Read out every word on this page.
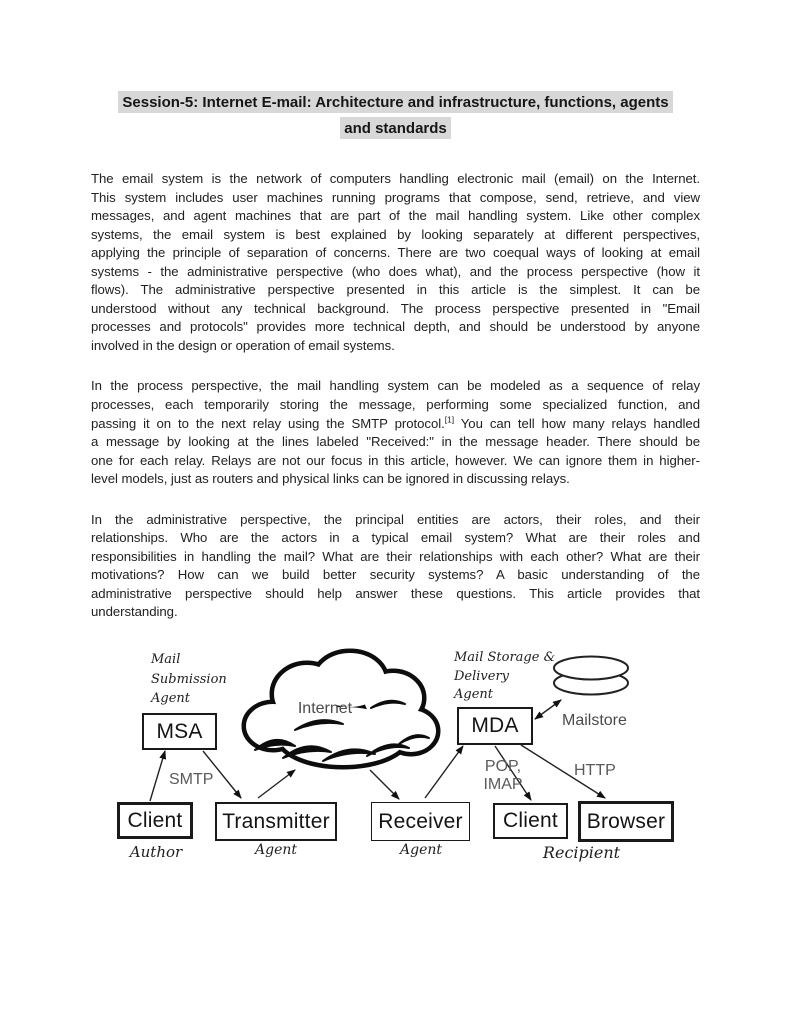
Session-5: Internet E-mail: Architecture and infrastructure, functions, agents
and standards
The email system is the network of computers handling electronic mail (email) on the Internet.
This system includes user machines running programs that compose, send, retrieve, and view
messages, and agent machines that are part of the mail handling system. Like other complex
systems, the email system is best explained by looking separately at different perspectives,
applying the principle of separation of concerns. There are two coequal ways of looking at email
systems - the administrative perspective (who does what), and the process perspective (how it
flows). The administrative perspective presented in this article is the simplest. It can be
understood without any technical background. The process perspective presented in "Email
processes and protocols" provides more technical depth, and should be understood by anyone
involved in the design or operation of email systems.
In the process perspective, the mail handling system can be modeled as a sequence of relay
processes, each temporarily storing the message, performing some specialized function, and
passing it on to the next relay using the SMTP protocol.[1] You can tell how many relays handled
a message by looking at the lines labeled "Received:" in the message header. There should be
one for each relay. Relays are not our focus in this article, however. We can ignore them in higher-
level models, just as routers and physical links can be ignored in discussing relays.
In the administrative perspective, the principal entities are actors, their roles, and their
relationships. Who are the actors in a typical email system? What are their roles and
responsibilities in handling the mail? What are their relationships with each other? What are their
motivations? How can we build better security systems? A basic understanding of the
administrative perspective should help answer these questions. This article provides that
understanding.
MSA	MDA
Client	Transmitter	Receiver	Client	Browser
Mail
Submission
Agent
Mail Storage &
Delivery
Agent
Author	Agent	Agent	Recipient
SMTP
POP,
IMAP
HTTP
Internet
Mailstore
